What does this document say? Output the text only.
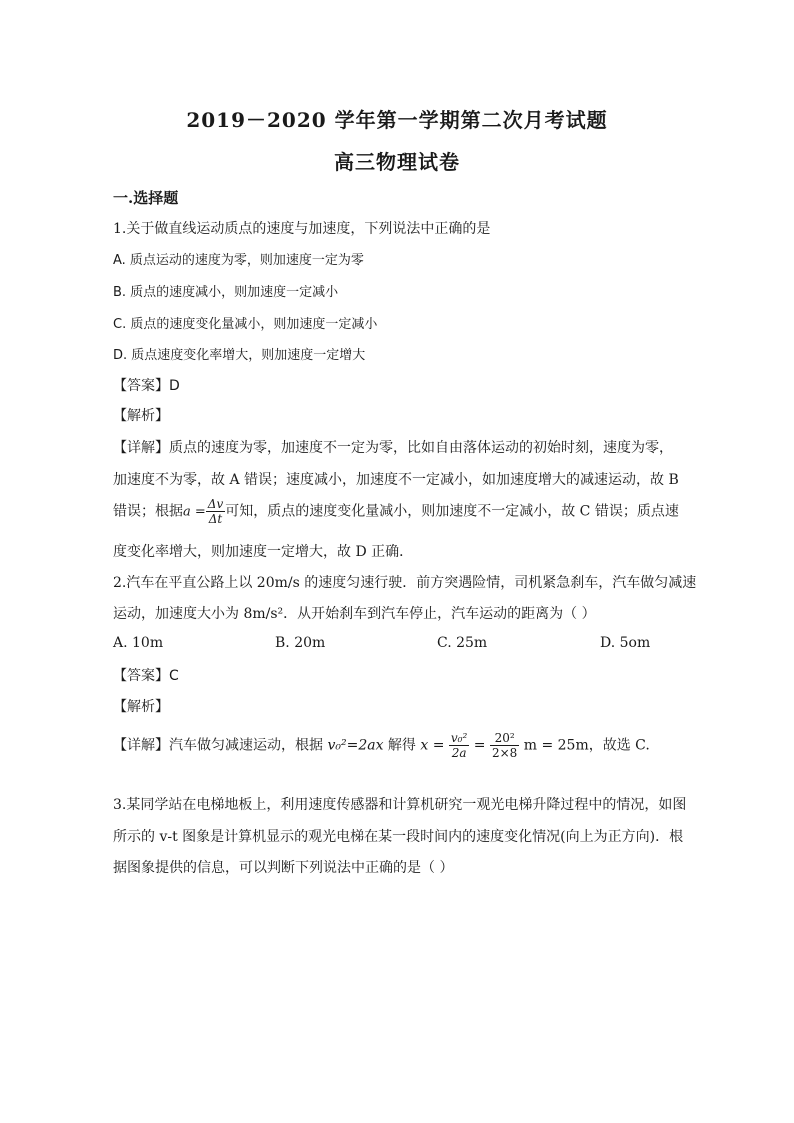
2019－2020 学年第一学期第二次月考试题
高三物理试卷
一.选择题
1.关于做直线运动质点的速度与加速度，下列说法中正确的是
A. 质点运动的速度为零，则加速度一定为零
B. 质点的速度减小，则加速度一定减小
C. 质点的速度变化量减小，则加速度一定减小
D. 质点速度变化率增大，则加速度一定增大
【答案】D
【解析】
【详解】质点的速度为零，加速度不一定为零，比如自由落体运动的初始时刻，速度为零，
加速度不为零，故 A 错误；速度减小，加速度不一定减小，如加速度增大的减速运动，故 B
错误；根据$a = \frac{\Delta v}{\Delta t}$ 可知，质点的速度变化量减小，则加速度不一定减小，故 C 错误；质点速
度变化率增大，则加速度一定增大，故 D 正确．
2.汽车在平直公路上以 20m/s 的速度匀速行驶．前方突遇险情，司机紧急刹车，汽车做匀减速
运动，加速度大小为 8m/s²．从开始刹车到汽车停止，汽车运动的距离为（ ）
A. 10m	B. 20m	C. 25m	D. 5om
【答案】C
【解析】
【详解】汽车做匀减速运动，根据 v₀²=2ax 解得 $x = \frac{\text{v₀²}}{2a} = \frac{\text{20²}}{2\times 8}$ m = 25m，故选 C.
3.某同学站在电梯地板上，利用速度传感器和计算机研究一观光电梯升降过程中的情况，如图
所示的 v-t 图象是计算机显示的观光电梯在某一段时间内的速度变化情况(向上为正方向)．根
据图象提供的信息，可以判断下列说法中正确的是（ ）
